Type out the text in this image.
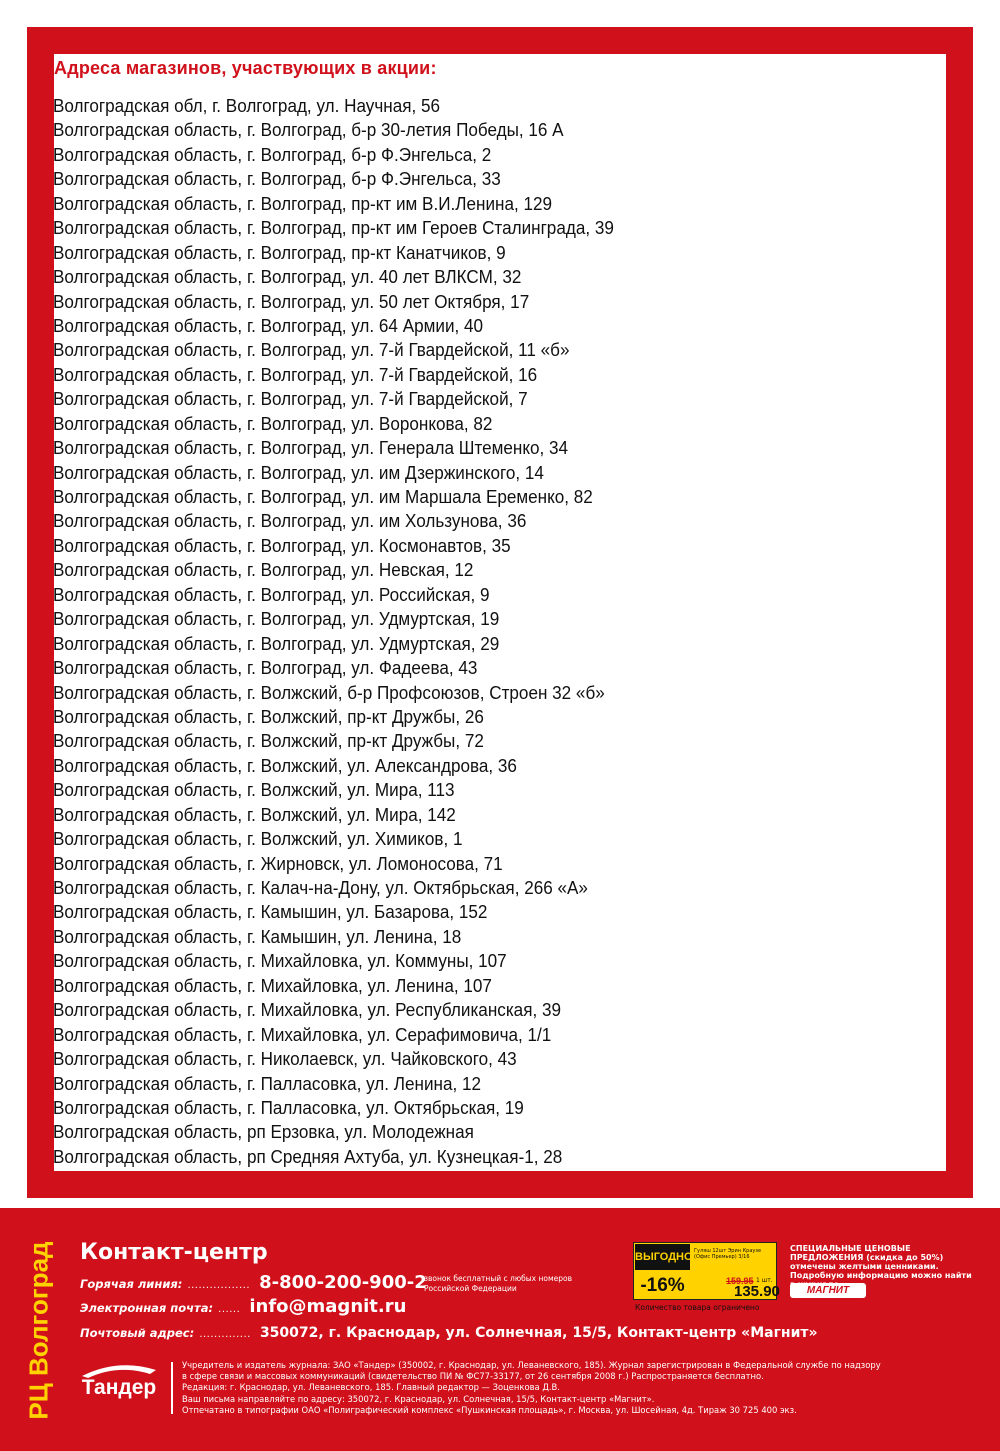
Адреса магазинов, участвующих в акции:
Волгоградская обл, г. Волгоград, ул. Научная, 56
Волгоградская область, г. Волгоград, б-р 30-летия Победы, 16 А
Волгоградская область, г. Волгоград, б-р Ф.Энгельса, 2
Волгоградская область, г. Волгоград, б-р Ф.Энгельса, 33
Волгоградская область, г. Волгоград, пр-кт им В.И.Ленина, 129
Волгоградская область, г. Волгоград, пр-кт им Героев Сталинграда, 39
Волгоградская область, г. Волгоград, пр-кт Канатчиков, 9
Волгоградская область, г. Волгоград, ул. 40 лет ВЛКСМ, 32
Волгоградская область, г. Волгоград, ул. 50 лет Октября, 17
Волгоградская область, г. Волгоград, ул. 64 Армии, 40
Волгоградская область, г. Волгоград, ул. 7-й Гвардейской, 11 «б»
Волгоградская область, г. Волгоград, ул. 7-й Гвардейской, 16
Волгоградская область, г. Волгоград, ул. 7-й Гвардейской, 7
Волгоградская область, г. Волгоград, ул. Воронкова, 82
Волгоградская область, г. Волгоград, ул. Генерала Штеменко, 34
Волгоградская область, г. Волгоград, ул. им Дзержинского, 14
Волгоградская область, г. Волгоград, ул. им Маршала Еременко, 82
Волгоградская область, г. Волгоград, ул. им Хользунова, 36
Волгоградская область, г. Волгоград, ул. Космонавтов, 35
Волгоградская область, г. Волгоград, ул. Невская, 12
Волгоградская область, г. Волгоград, ул. Российская, 9
Волгоградская область, г. Волгоград, ул. Удмуртская, 19
Волгоградская область, г. Волгоград, ул. Удмуртская, 29
Волгоградская область, г. Волгоград, ул. Фадеева, 43
Волгоградская область, г. Волжский, б-р Профсоюзов, Строен 32 «б»
Волгоградская область, г. Волжский, пр-кт Дружбы, 26
Волгоградская область, г. Волжский, пр-кт Дружбы, 72
Волгоградская область, г. Волжский, ул. Александрова, 36
Волгоградская область, г. Волжский, ул. Мира, 113
Волгоградская область, г. Волжский, ул. Мира, 142
Волгоградская область, г. Волжский, ул. Химиков, 1
Волгоградская область, г. Жирновск, ул. Ломоносова, 71
Волгоградская область, г. Калач-на-Дону, ул. Октябрьская, 266 «А»
Волгоградская область, г. Камышин, ул. Базарова, 152
Волгоградская область, г. Камышин, ул. Ленина, 18
Волгоградская область, г. Михайловка, ул. Коммуны, 107
Волгоградская область, г. Михайловка, ул. Ленина, 107
Волгоградская область, г. Михайловка, ул. Республиканская, 39
Волгоградская область, г. Михайловка, ул. Серафимовича, 1/1
Волгоградская область, г. Николаевск, ул. Чайковского, 43
Волгоградская область, г. Палласовка, ул. Ленина, 12
Волгоградская область, г. Палласовка, ул. Октябрьская, 19
Волгоградская область, рп Ерзовка, ул. Молодежная
Волгоградская область, рп Средняя Ахтуба, ул. Кузнецкая-1, 28
РЦ Волгоград Контакт-центр
Горячая линия: ................. 8-800-200-900-2
звонок бесплатный с любых номеров Российской Федерации
Электронная почта: ...... info@magnit.ru
Почтовый адрес: .............. 350072, г. Краснодар, ул. Солнечная, 15/5, Контакт-центр «Магнит»
ВЫГОДНО
-16%
Гуляш 12шт Эрин Краузе (Офис Премьер) 3/16
159.95 1 шт.
135.90
Количество товара ограничено
СПЕЦИАЛЬНЫЕ ЦЕНОВЫЕ ПРЕДЛОЖЕНИЯ (скидка до 50%) отмечены желтыми ценниками. Подробную информацию можно найти
МАГНИТ
Тандер
Учредитель и издатель журнала: ЗАО «Тандер» (350002, г. Краснодар, ул. Леваневского, 185). Журнал зарегистрирован в Федеральной службе по надзору
в сфере связи и массовых коммуникаций (свидетельство ПИ № ФС77-33177, от 26 сентября 2008 г.) Распространяется бесплатно.
Редакция: г. Краснодар, ул. Леваневского, 185. Главный редактор — Зоценкова Д.В.
Ваш письма направляйте по адресу: 350072, г. Краснодар, ул. Солнечная, 15/5, Контакт-центр «Магнит».
Отпечатано в типографии ОАО «Полиграфический комплекс «Пушкинская площадь», г. Москва, ул. Шосейная, 4д. Тираж 30 725 400 экз.
